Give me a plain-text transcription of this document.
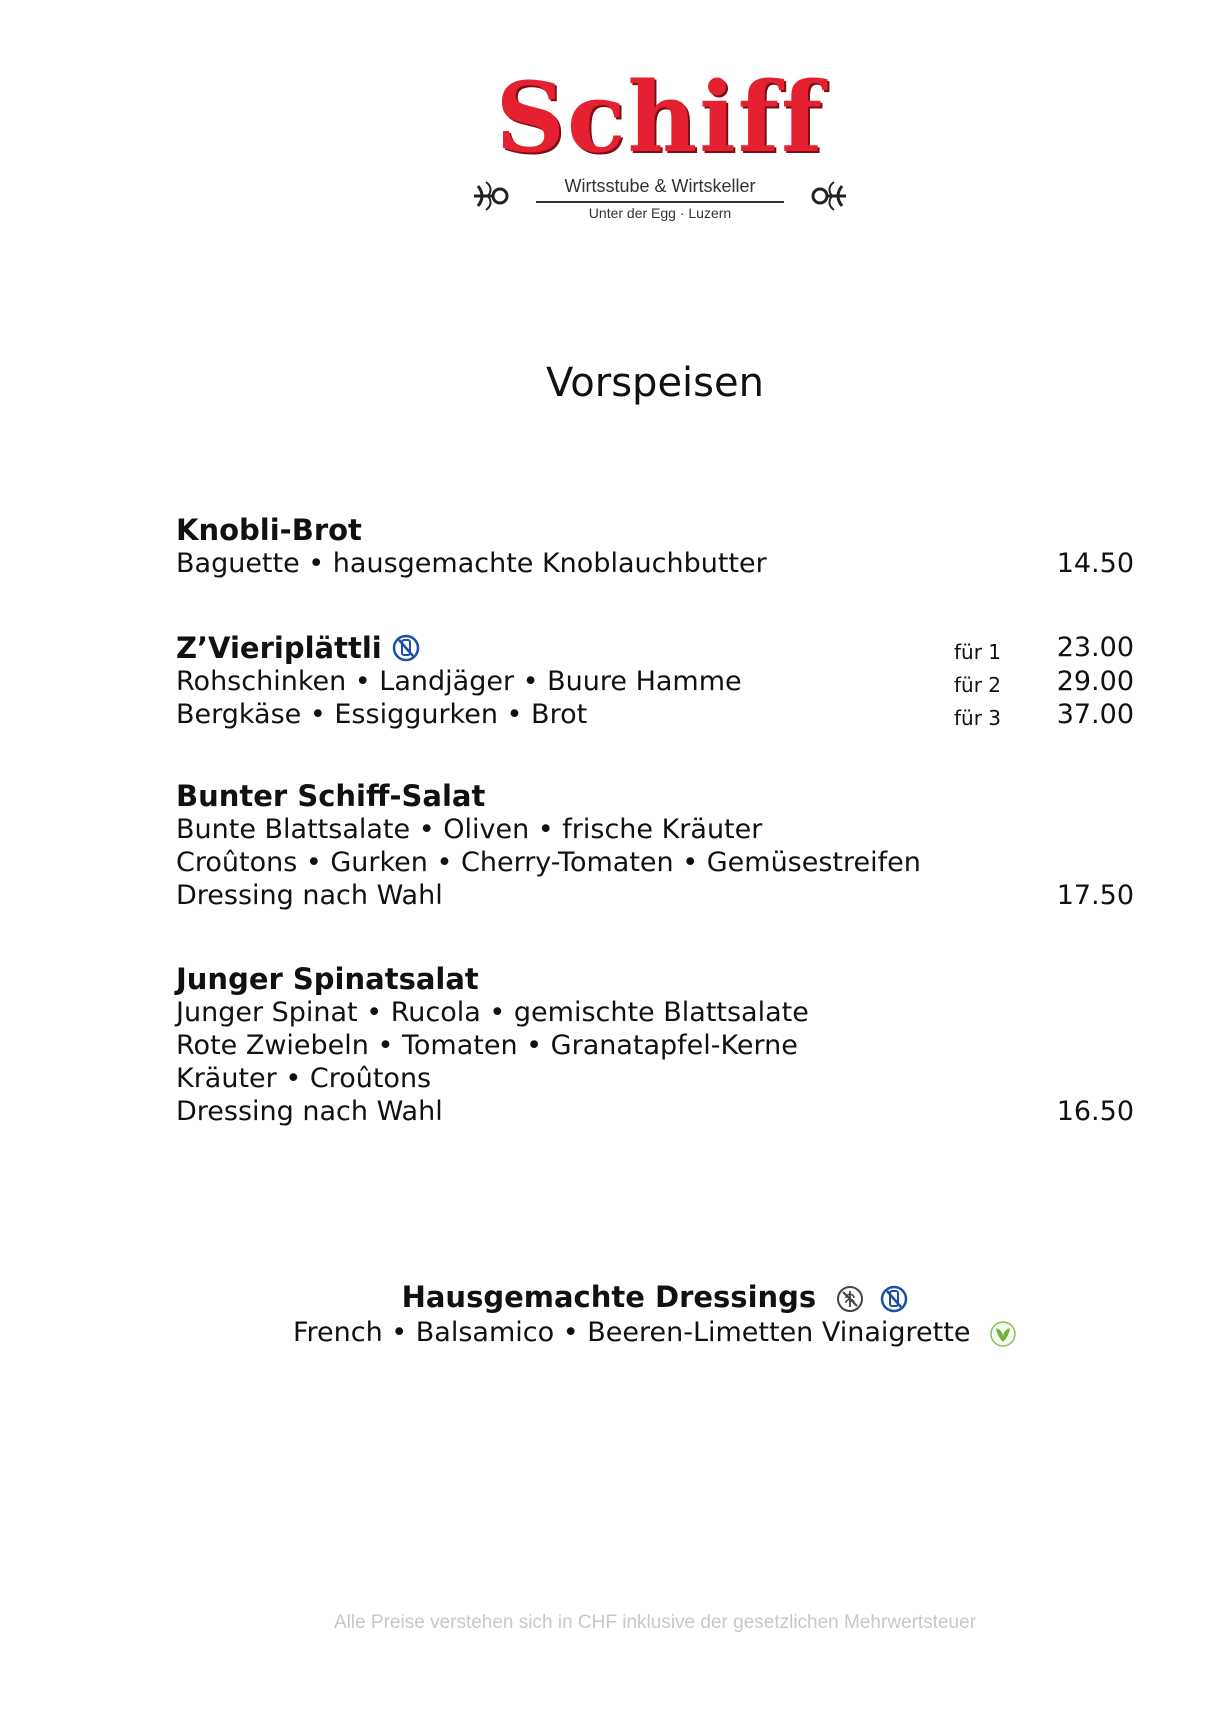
Schiff
Wirtsstube & Wirtskeller
Unter der Egg · Luzern
Vorspeisen
Knobli-Brot
Baguette • hausgemachte Knoblauchbutter	14.50
Z’Vieriplättli	für 1 23.00
Rohschinken • Landjäger • Buure Hamme	für 2 29.00
Bergkäse • Essiggurken • Brot	für 3 37.00
Bunter Schiff-Salat
Bunte Blattsalate • Oliven • frische Kräuter
Croûtons • Gurken • Cherry-Tomaten • Gemüsestreifen
Dressing nach Wahl	17.50
Junger Spinatsalat
Junger Spinat • Rucola • gemischte Blattsalate
Rote Zwiebeln • Tomaten • Granatapfel-Kerne
Kräuter • Croûtons
Dressing nach Wahl	16.50
Hausgemachte Dressings
French • Balsamico • Beeren-Limetten Vinaigrette
Alle Preise verstehen sich in CHF inklusive der gesetzlichen Mehrwertsteuer
